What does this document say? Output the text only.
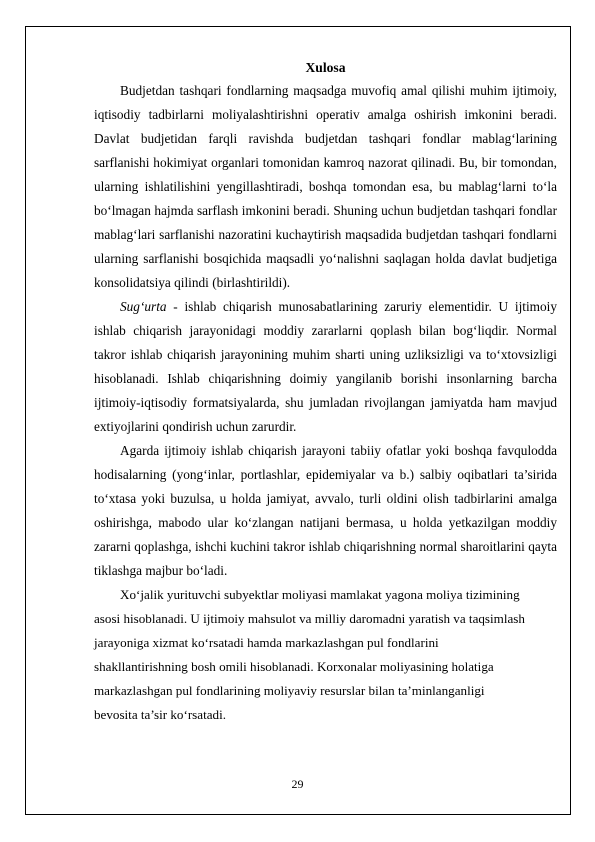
Xulosa

Budjetdan tashqari fondlarning maqsadga muvofiq amal qilishi muhim ijtimoiy, iqtisodiy tadbirlarni moliyalashtirishni operativ amalga oshirish imkonini beradi. Davlat budjetidan farqli ravishda budjetdan tashqari fondlar mablag‘larining sarflanishi hokimiyat organlari tomonidan kamroq nazorat qilinadi. Bu, bir tomondan, ularning ishlatilishini yengillashtiradi, boshqa tomondan esa, bu mablag‘larni to‘la bo‘lmagan hajmda sarflash imkonini beradi. Shuning uchun budjetdan tashqari fondlar mablag‘lari sarflanishi nazoratini kuchaytirish maqsadida budjetdan tashqari fondlarni ularning sarflanishi bosqichida maqsadli yo‘nalishni saqlagan holda davlat budjetiga konsolidatsiya qilindi (birlashtirildi).

Sug‘urta - ishlab chiqarish munosabatlarining zaruriy elementidir. U ijtimoiy ishlab chiqarish jarayonidagi moddiy zararlarni qoplash bilan bog‘liqdir. Normal takror ishlab chiqarish jarayonining muhim sharti uning uzliksizligi va to‘xtovsizligi hisoblanadi. Ishlab chiqarishning doimiy yangilanib borishi insonlarning barcha ijtimoiy-iqtisodiy formatsiyalarda, shu jumladan rivojlangan jamiyatda ham mavjud extiyojlarini qondirish uchun zarurdir.

Agarda ijtimoiy ishlab chiqarish jarayoni tabiiy ofatlar yoki boshqa favqulodda hodisalarning (yong‘inlar, portlashlar, epidemiyalar va b.) salbiy oqibatlari ta’sirida to‘xtasa yoki buzulsa, u holda jamiyat, avvalo, turli oldini olish tadbirlarini amalga oshirishga, mabodo ular ko‘zlangan natijani bermasa, u holda yetkazilgan moddiy zararni qoplashga, ishchi kuchini takror ishlab chiqarishning normal sharoitlarini qayta tiklashga majbur bo‘ladi.

Xo‘jalik yurituvchi subyektlar moliyasi mamlakat yagona moliya tizimining
asosi hisoblanadi. U ijtimoiy mahsulot va milliy daromadni yaratish va taqsimlash
jarayoniga xizmat ko‘rsatadi hamda markazlashgan pul fondlarini
shakllantirishning bosh omili hisoblanadi. Korxonalar moliyasining holatiga
markazlashgan pul fondlarining moliyaviy resurslar bilan ta’minlanganligi
bevosita ta’sir ko‘rsatadi.

29
